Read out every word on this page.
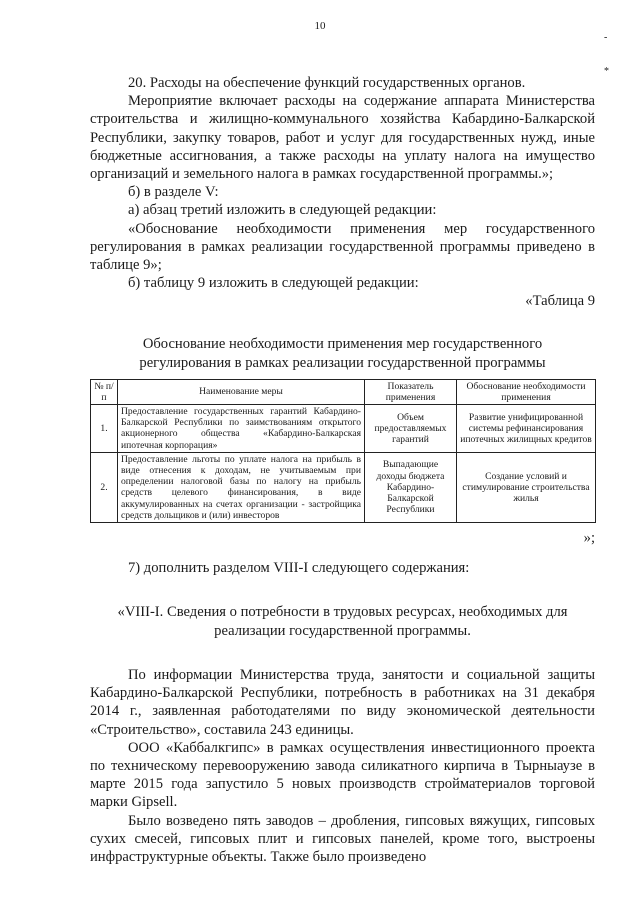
10
-
*

20. Расходы на обеспечение функций государственных органов.

Мероприятие включает расходы на содержание аппарата Министерства строительства и жилищно-коммунального хозяйства Кабардино-Балкарской Республики, закупку товаров, работ и услуг для государственных нужд, иные бюджетные ассигнования, а также расходы на уплату налога на имущество организаций и земельного налога в рамках государственной программы.»;

б) в разделе V:

а) абзац третий изложить в следующей редакции:

«Обоснование необходимости применения мер государственного регулирования в рамках реализации государственной программы приведено в таблице 9»;

б) таблицу 9 изложить в следующей редакции:

«Таблица 9

Обоснование необходимости применения мер государственного регулирования в рамках реализации государственной программы

№ п/п	Наименование меры	Показатель применения	Обоснование необходимости применения
1.	Предоставление государственных гарантий Кабардино-Балкарской Республики по заимствованиям открытого акционерного общества «Кабардино-Балкарская ипотечная корпорация»	Объем предоставляемых гарантий	Развитие унифицированной системы рефинансирования ипотечных жилищных кредитов
2.	Предоставление льготы по уплате налога на прибыль в виде отнесения к доходам, не учитываемым при определении налоговой базы по налогу на прибыль средств целевого финансирования, в виде аккумулированных на счетах организации - застройщика средств дольщиков и (или) инвесторов	Выпадающие доходы бюджета Кабардино-Балкарской Республики	Создание условий и стимулирование строительства жилья

»;

7) дополнить разделом VIII-I следующего содержания:

«VIII-I. Сведения о потребности в трудовых ресурсах, необходимых для реализации государственной программы.

По информации Министерства труда, занятости и социальной защиты Кабардино-Балкарской Республики, потребность в работниках на 31 декабря 2014 г., заявленная работодателями по виду экономической деятельности «Строительство», составила 243 единицы.

ООО «Каббалкгипс» в рамках осуществления инвестиционного проекта по техническому перевооружению завода силикатного кирпича в Тырныаузе в марте 2015 года запустило 5 новых производств стройматериалов торговой марки Gipsell.

Было возведено пять заводов – дробления, гипсовых вяжущих, гипсовых сухих смесей, гипсовых плит и гипсовых панелей, кроме того, выстроены инфраструктурные объекты. Также было произведено
